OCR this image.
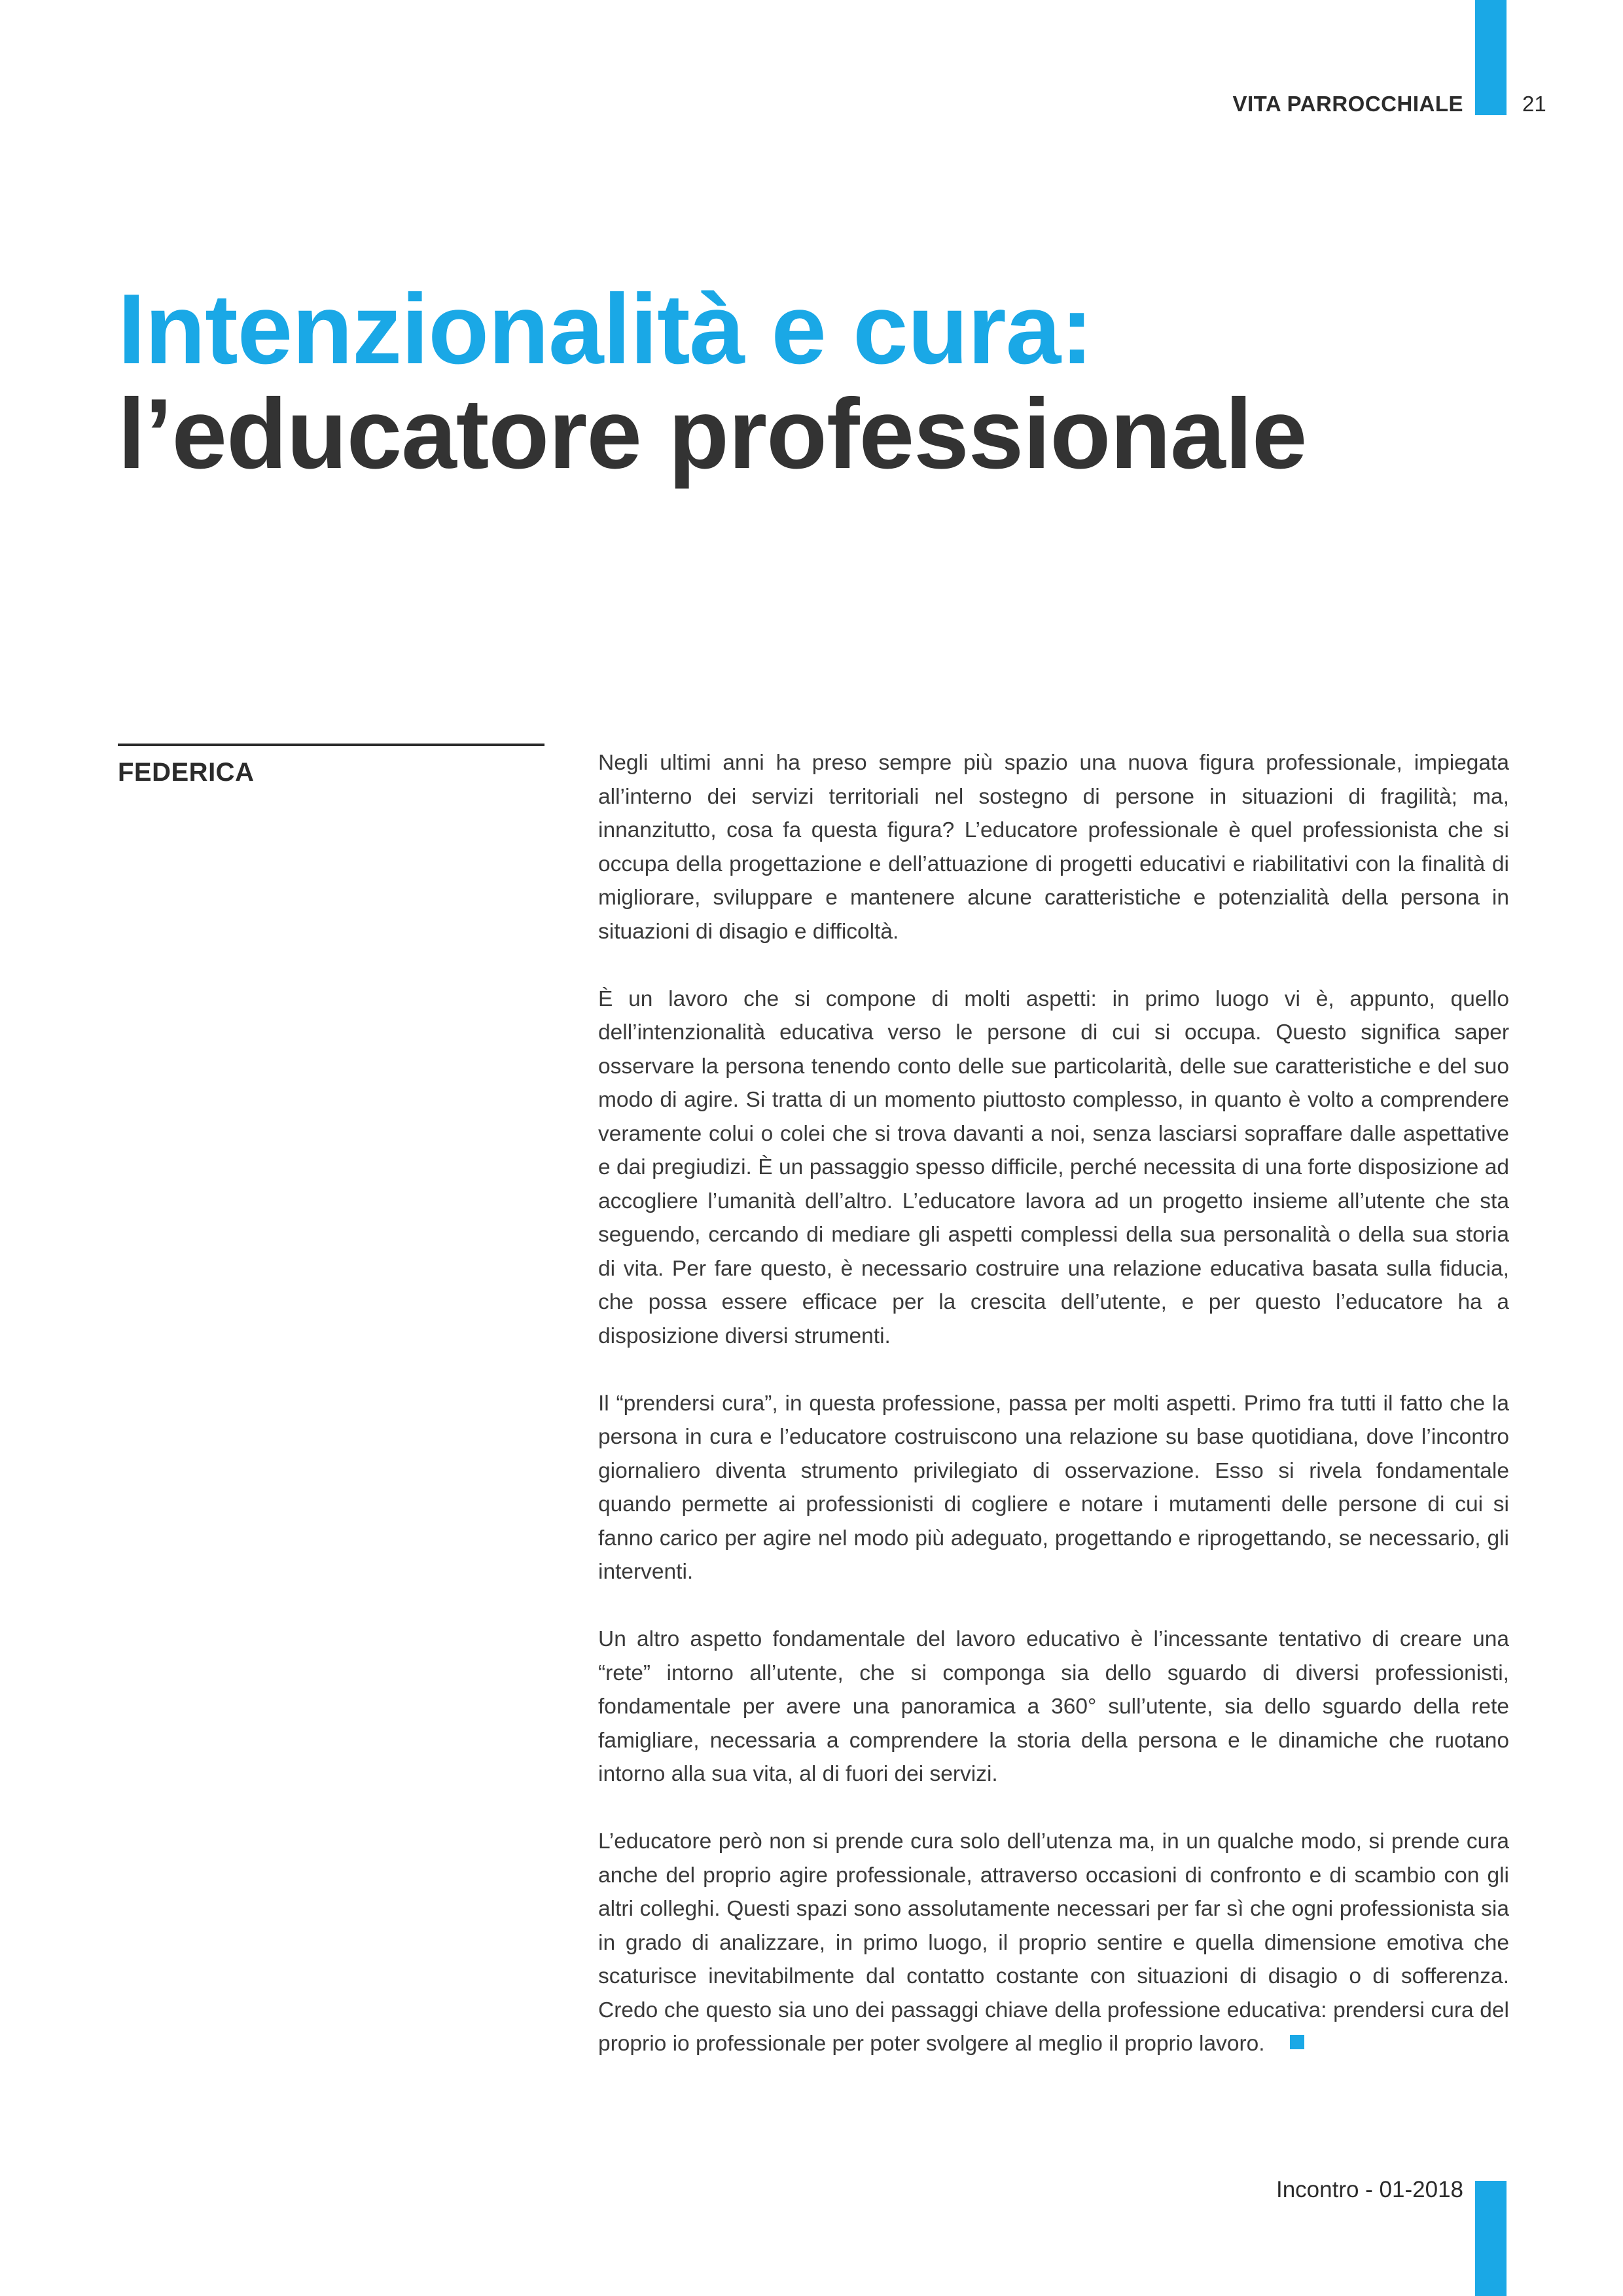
VITA PARROCCHIALE	21
Intenzionalità e cura:
l’educatore professionale
FEDERICA	Negli ultimi anni ha preso sempre più spazio una nuova figura professionale, impiegata all’interno dei servizi territoriali nel sostegno di persone in situazioni di fragilità; ma, innanzitutto, cosa fa questa figura? L’educatore professionale è quel professionista che si occupa della progettazione e dell’attuazione di progetti educativi e riabilitativi con la finalità di migliorare, sviluppare e mantenere alcune caratteristiche e potenzialità della persona in situazioni di disagio e difficoltà.

È un lavoro che si compone di molti aspetti: in primo luogo vi è, appunto, quello dell’intenzionalità educativa verso le persone di cui si occupa. Questo significa saper osservare la persona tenendo conto delle sue particolarità, delle sue caratteristiche e del suo modo di agire. Si tratta di un momento piuttosto complesso, in quanto è volto a comprendere veramente colui o colei che si trova davanti a noi, senza lasciarsi sopraffare dalle aspettative e dai pregiudizi. È un passaggio spesso difficile, perché necessita di una forte disposizione ad accogliere l’umanità dell’altro. L’educatore lavora ad un progetto insieme all’utente che sta seguendo, cercando di mediare gli aspetti complessi della sua personalità o della sua storia di vita. Per fare questo, è necessario costruire una relazione educativa basata sulla fiducia, che possa essere efficace per la crescita dell’utente, e per questo l’educatore ha a disposizione diversi strumenti.

Il “prendersi cura”, in questa professione, passa per molti aspetti. Primo fra tutti il fatto che la persona in cura e l’educatore costruiscono una relazione su base quotidiana, dove l’incontro giornaliero diventa strumento privilegiato di osservazione. Esso si rivela fondamentale quando permette ai professionisti di cogliere e notare i mutamenti delle persone di cui si fanno carico per agire nel modo più adeguato, progettando e riprogettando, se necessario, gli interventi.

Un altro aspetto fondamentale del lavoro educativo è l’incessante tentativo di creare una “rete” intorno all’utente, che si componga sia dello sguardo di diversi professionisti, fondamentale per avere una panoramica a 360° sull’utente, sia dello sguardo della rete famigliare, necessaria a comprendere la storia della persona e le dinamiche che ruotano intorno alla sua vita, al di fuori dei servizi.

L’educatore però non si prende cura solo dell’utenza ma, in un qualche modo, si prende cura anche del proprio agire professionale, attraverso occasioni di confronto e di scambio con gli altri colleghi. Questi spazi sono assolutamente necessari per far sì che ogni professionista sia in grado di analizzare, in primo luogo, il proprio sentire e quella dimensione emotiva che scaturisce inevitabilmente dal contatto costante con situazioni di disagio o di sofferenza. Credo che questo sia uno dei passaggi chiave della professione educativa: prendersi cura del proprio io professionale per poter svolgere al meglio il proprio lavoro.

Incontro - 01-2018
